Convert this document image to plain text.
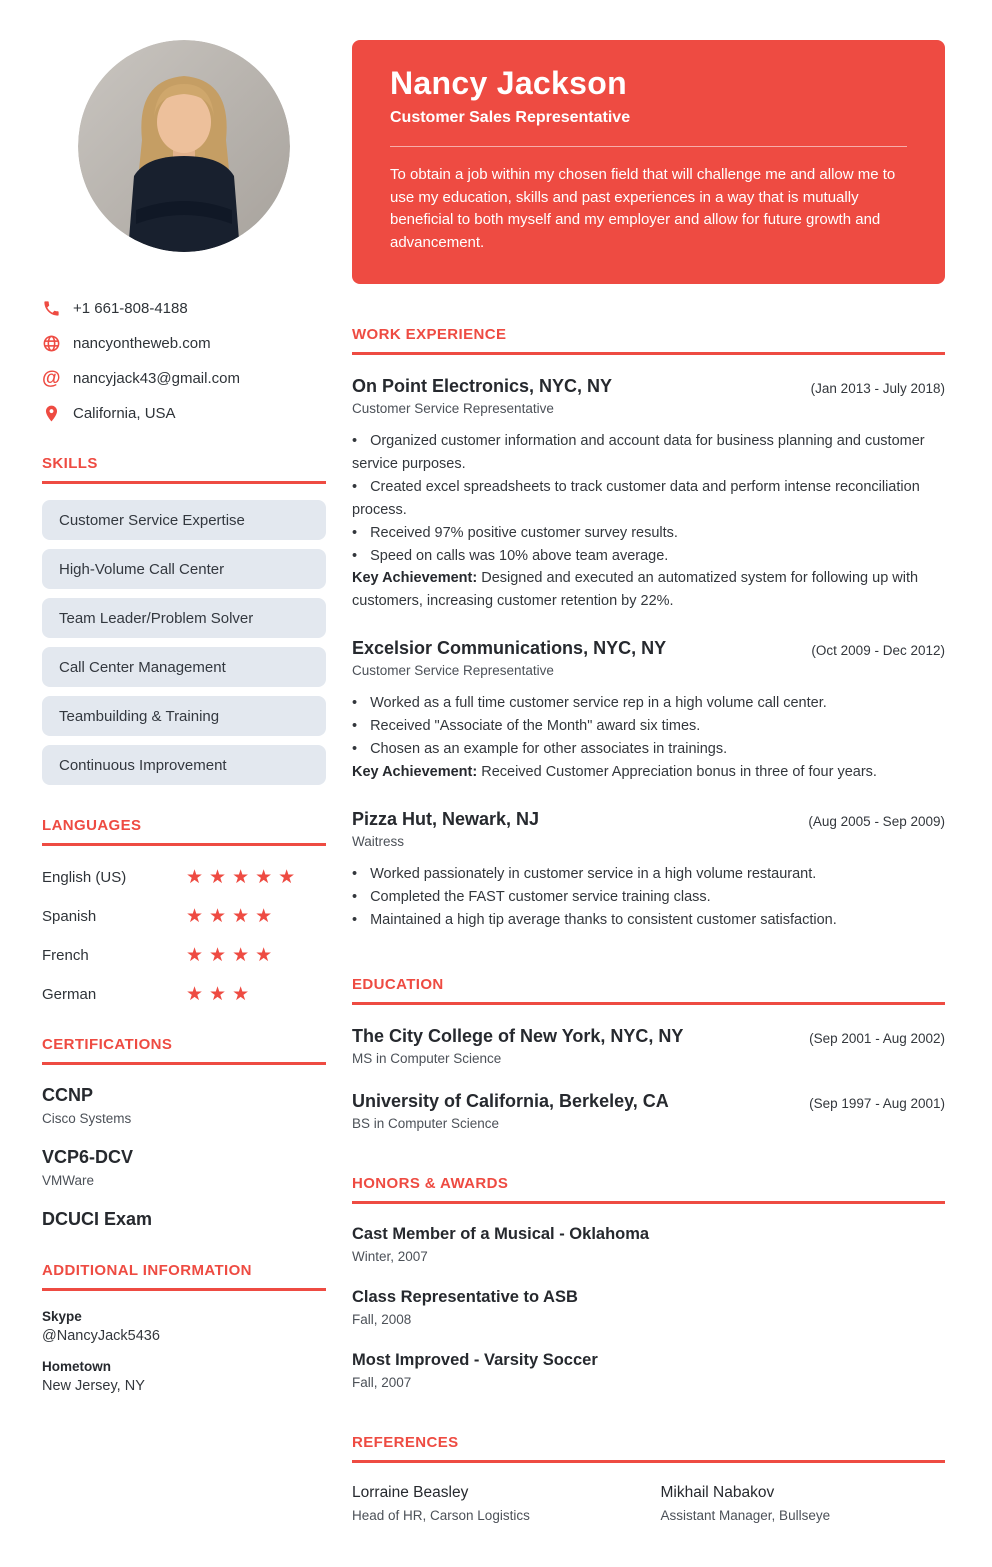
+1 661-808-4188
nancyontheweb.com
@ nancyjack43@gmail.com
California, USA
SKILLS
Customer Service Expertise
High-Volume Call Center
Team Leader/Problem Solver
Call Center Management
Teambuilding & Training
Continuous Improvement
LANGUAGES
English (US)	★★★★★
Spanish	★★★★
French	★★★★
German	★★★
CERTIFICATIONS
CCNP
Cisco Systems
VCP6-DCV
VMWare
DCUCI Exam
ADDITIONAL INFORMATION
Skype
@NancyJack5436
Hometown
New Jersey, NY
Nancy Jackson
Customer Sales Representative

To obtain a job within my chosen field that will challenge me and allow me to use my education, skills and past experiences in a way that is mutually beneficial to both myself and my employer and allow for future growth and advancement.

WORK EXPERIENCE
On Point Electronics, NYC, NY	(Jan 2013 - July 2018)
Customer Service Representative

• Organized customer information and account data for business planning and customer service purposes.

• Created excel spreadsheets to track customer data and perform intense reconciliation process.

• Received 97% positive customer survey results.

• Speed on calls was 10% above team average.

Key Achievement: Designed and executed an automatized system for following up with customers, increasing customer retention by 22%.

Excelsior Communications, NYC, NY	(Oct 2009 - Dec 2012)
Customer Service Representative

• Worked as a full time customer service rep in a high volume call center.

• Received "Associate of the Month" award six times.

• Chosen as an example for other associates in trainings.

Key Achievement: Received Customer Appreciation bonus in three of four years.

Pizza Hut, Newark, NJ	(Aug 2005 - Sep 2009)
Waitress

• Worked passionately in customer service in a high volume restaurant.

• Completed the FAST customer service training class.

• Maintained a high tip average thanks to consistent customer satisfaction.

EDUCATION
The City College of New York, NYC, NY	(Sep 2001 - Aug 2002)
MS in Computer Science
University of California, Berkeley, CA	(Sep 1997 - Aug 2001)
BS in Computer Science
HONORS & AWARDS
Cast Member of a Musical - Oklahoma
Winter, 2007
Class Representative to ASB
Fall, 2008
Most Improved - Varsity Soccer
Fall, 2007
REFERENCES
Lorraine Beasley
Head of HR, Carson Logistics
Mikhail Nabakov
Assistant Manager, Bullseye
